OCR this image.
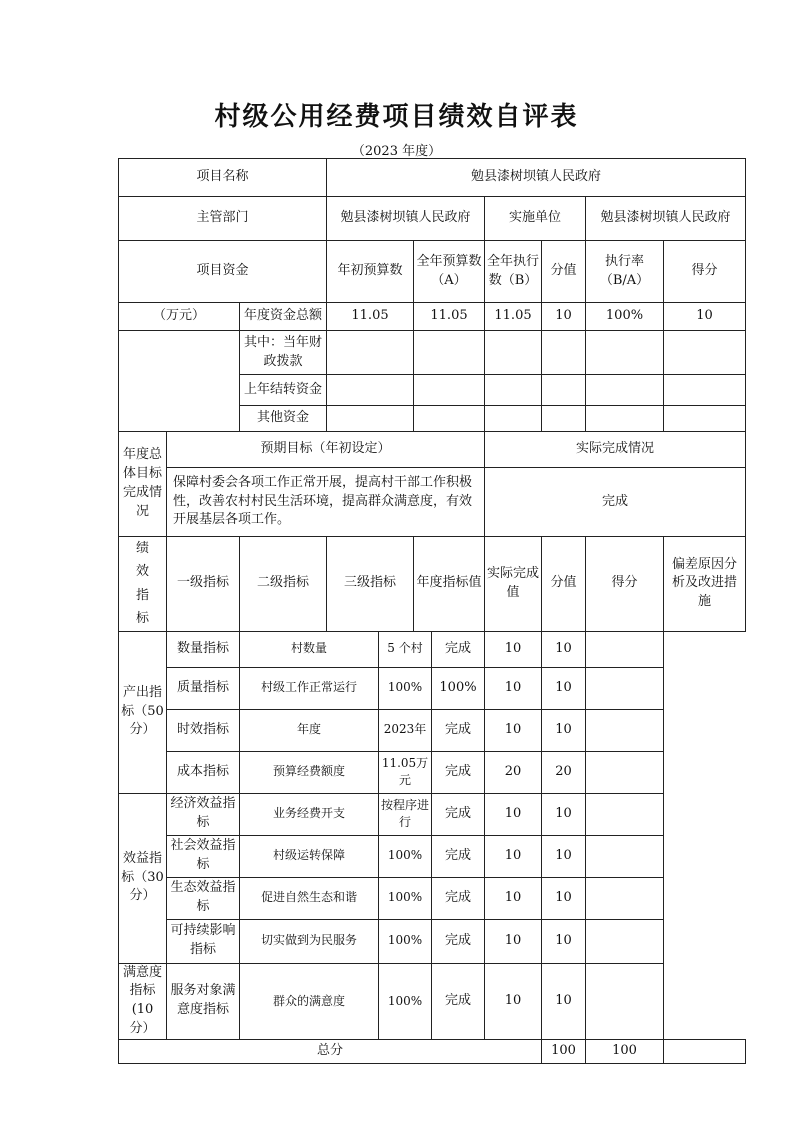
村级公用经费项目绩效自评表
（2023 年度）
项目名称			勉县漆树坝镇人民政府							
主管部门			勉县漆树坝镇人民政府				实施单位		勉县漆树坝镇人民政府	
项目资金			年初预算数		全年预算数（A）		全年执行数（B）	分值	执行率（B/A）	得分
（万元）		年度资金总额	11.05		11.05		11.05	10	100%	10
		其中：当年财政拨款								
		上年结转资金								
		其他资金								
年度总体目标完成情况	预期目标（年初设定）						实际完成情况			
	保障村委会各项工作正常开展，提高村干部工作积极性，改善农村村民生活环境，提高群众满意度，有效开展基层各项工作。						完成			

绩
效
指
标	一级指标	二级指标	三级指标		年度指标值		实际完成值	分值	得分	偏差原因分析及改进措施
产出指标（50 分）	数量指标	村数量		5 个村		完成	10	10		
	质量指标	村级工作正常运行		100%		100%	10	10		
	时效指标	年度		2023年		完成	10	10		
	成本指标	预算经费额度		11.05万元		完成	20	20		
效益指标（30 分）	经济效益指标	业务经费开支		按程序进行		完成	10	10		
	社会效益指标	村级运转保障		100%		完成	10	10		
	生态效益指标	促进自然生态和谐		100%		完成	10	10		
	可持续影响指标	切实做到为民服务		100%		完成	10	10		
满意度指标(10 分）	服务对象满意度指标	群众的满意度		100%		完成	10	10		
总分								100	100	
